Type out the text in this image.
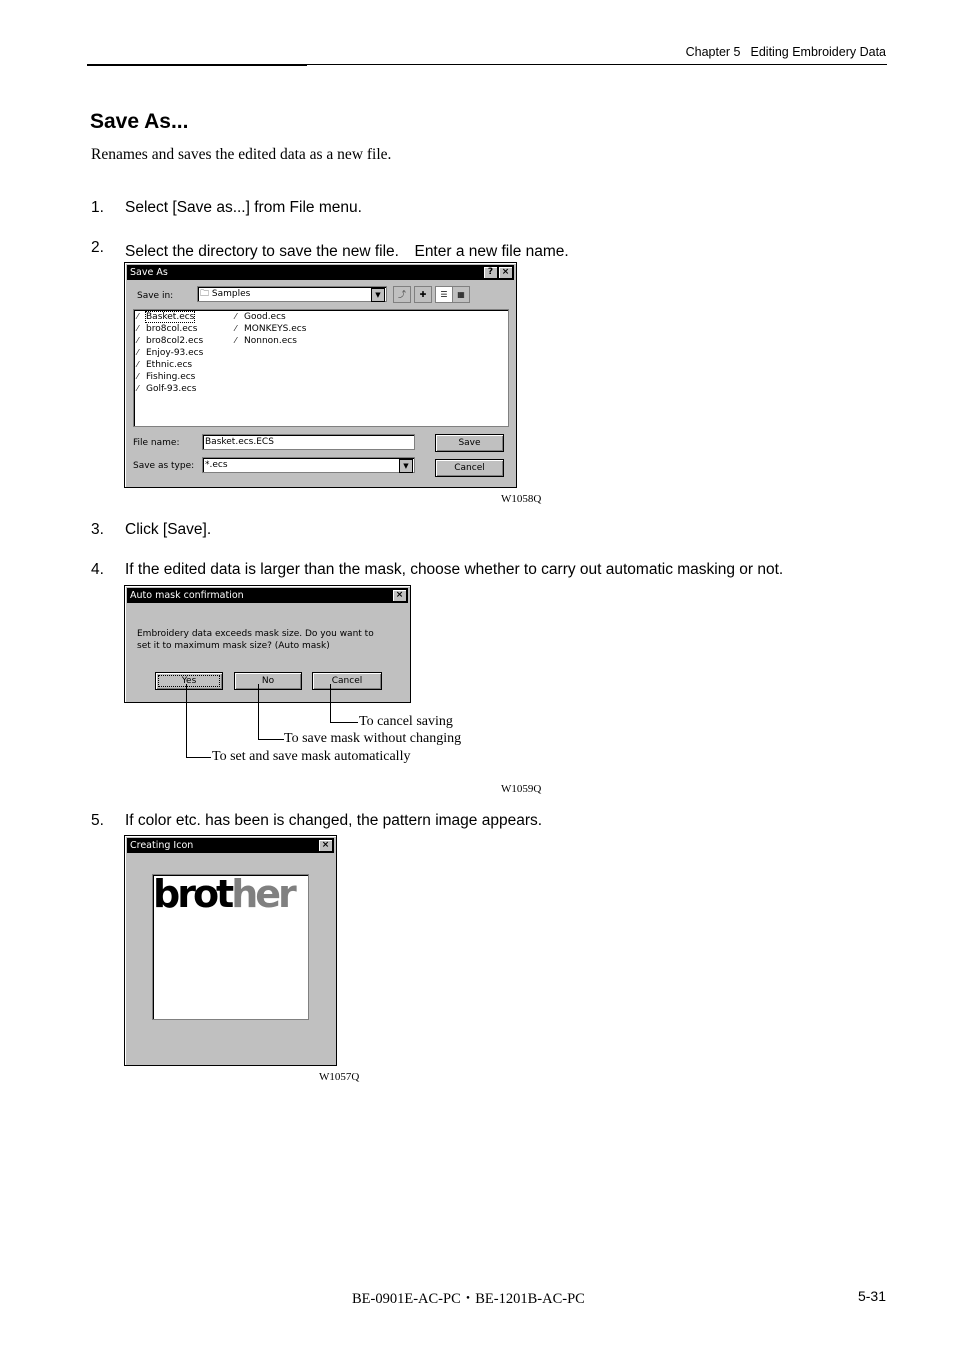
Chapter 5 Editing Embroidery Data
Save As...
Renames and saves the edited data as a new file.
1. Select [Save as...] from File menu.
2. Select the directory to save the new file.　Enter a new file name.
Save As	? ×
Save in:	🗀 Samples	▼	⤴	✚	☰	▦
⁄ Basket.ecs
⁄ bro8col.ecs
⁄ bro8col2.ecs
⁄ Enjoy-93.ecs
⁄ Ethnic.ecs
⁄ Fishing.ecs
⁄ Golf-93.ecs
⁄ Good.ecs
⁄ MONKEYS.ecs
⁄ Nonnon.ecs
File name:	Basket.ecs.ECS
Save as type:	*.ecs	▼
Save
Cancel
W1058Q
3. Click [Save].
4. If the edited data is larger than the mask, choose whether to carry out automatic masking or not.
Auto mask confirmation	×
Embroidery data exceeds mask size. Do you want to
set it to maximum mask size? (Auto mask)
Yes	No	Cancel
To cancel saving
To save mask without changing
To set and save mask automatically
W1059Q
5. If color etc. has been is changed, the pattern image appears.
Creating Icon	×
brother
W1057Q
BE-0901E-AC-PC・BE-1201B-AC-PC	5-31
